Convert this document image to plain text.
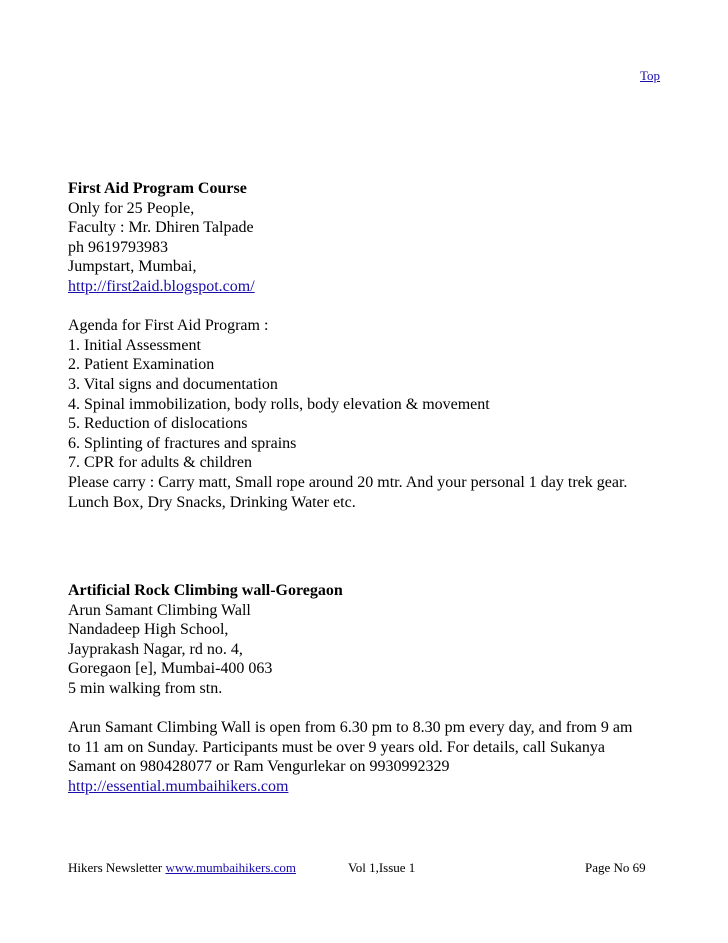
Top

First Aid Program Course

Only for 25 People,

Faculty : Mr. Dhiren Talpade

ph 9619793983

Jumpstart, Mumbai,

http://first2aid.blogspot.com/

Agenda for First Aid Program :

1. Initial Assessment

2. Patient Examination

3. Vital signs and documentation

4. Spinal immobilization, body rolls, body elevation & movement

5. Reduction of dislocations

6. Splinting of fractures and sprains

7. CPR for adults & children

Please carry : Carry matt, Small rope around 20 mtr. And your personal 1 day trek gear.

Lunch Box, Dry Snacks, Drinking Water etc.

Artificial Rock Climbing wall-Goregaon

Arun Samant Climbing Wall

Nandadeep High School,

Jayprakash Nagar, rd no. 4,

Goregaon [e], Mumbai-400 063

5 min walking from stn.

Arun Samant Climbing Wall is open from 6.30 pm to 8.30 pm every day, and from 9 am

to 11 am on Sunday. Participants must be over 9 years old. For details, call Sukanya

Samant on 980428077 or Ram Vengurlekar on 9930992329

http://essential.mumbaihikers.com

Hikers Newsletter www.mumbaihikers.com	Vol 1,Issue 1	Page No 69
